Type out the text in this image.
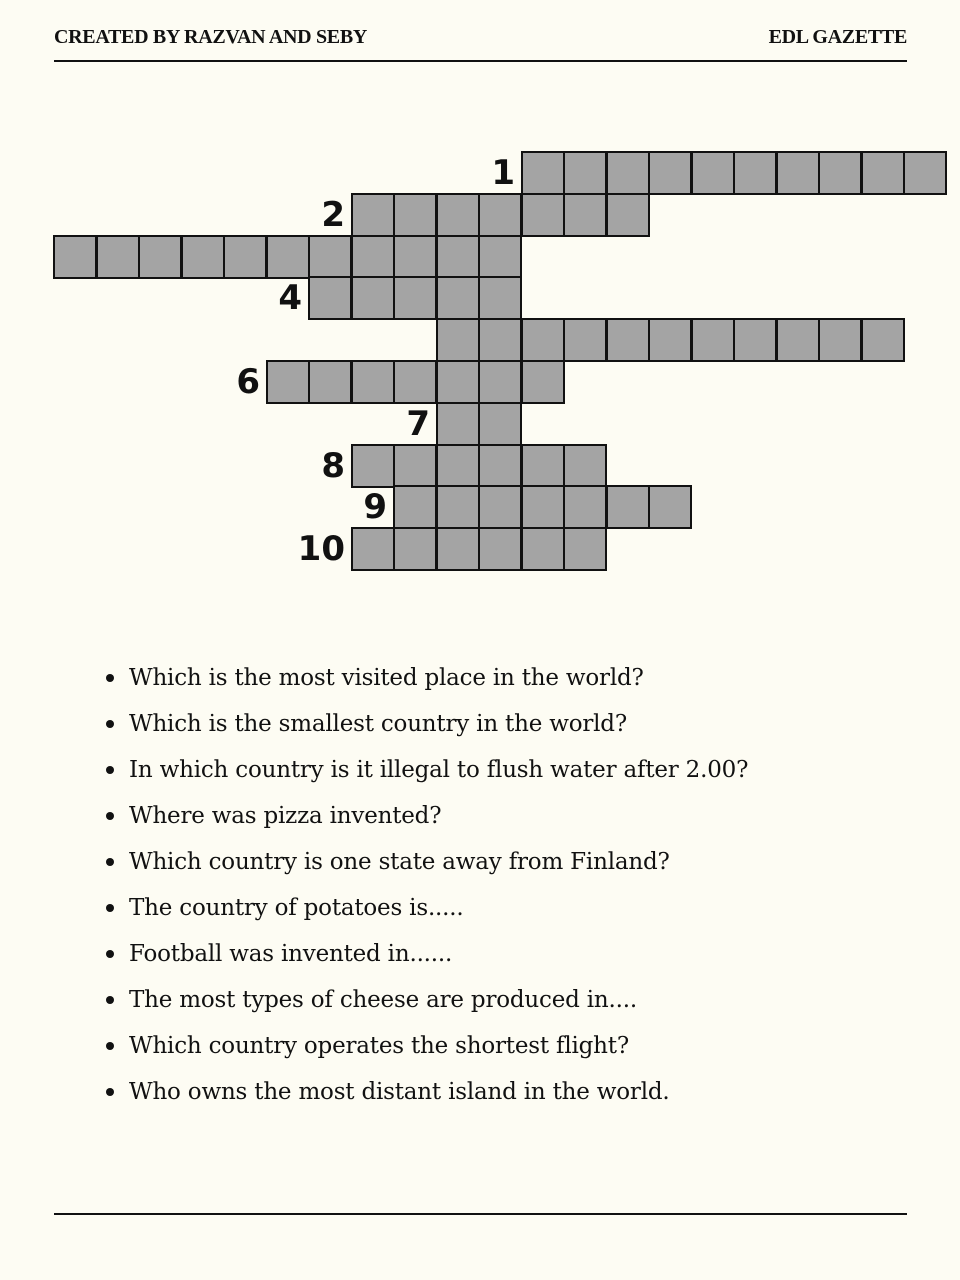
CREATED BY RAZVAN AND SEBY	EDL GAZETTE
1
2
4
6
7
8
9
10
Which is the most visited place in the world?
Which is the smallest country in the world?
In which country is it illegal to flush water after 2.00?
Where was pizza invented?
Which country is one state away from Finland?
The country of potatoes is.....
Football was invented in......
The most types of cheese are produced in....
Which country operates the shortest flight?
Who owns the most distant island in the world.
